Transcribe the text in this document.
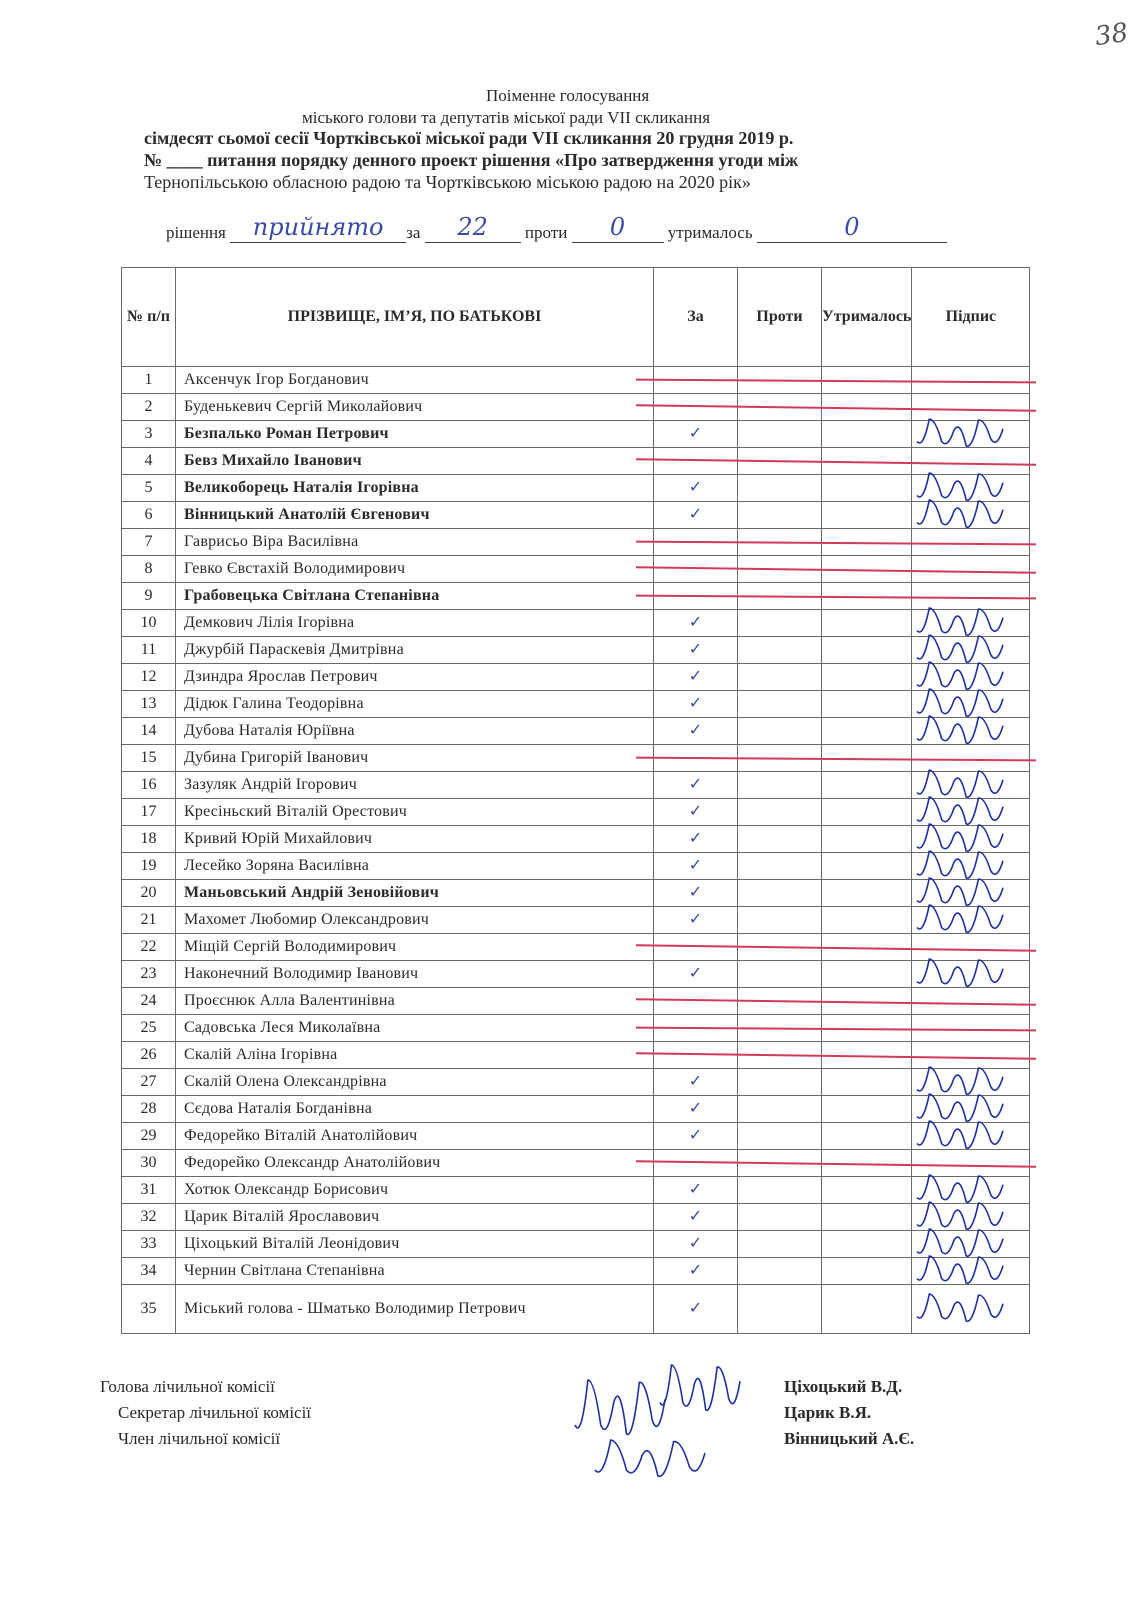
38
Поіменне голосування
міського голови та депутатів міської ради VII скликання
сімдесят сьомої сесії Чортківської міської ради VII скликання 20 грудня 2019 р.
№ ____ питання порядку денного проект рішення «Про затвердження угоди між
Тернопільською обласною радою та Чортківською міською радою на 2020 рік»
рішення	прийнято	за	22	проти	0	утрималось	0
№ п/п	ПРІЗВИЩЕ, ІМ’Я, ПО БАТЬКОВІ	За	Проти	Утрималось	Підпис
1	Аксенчук Ігор Богданович				
2	Буденькевич Сергій Миколайович				
3	Безпалько Роман Петрович	✓			
4	Бевз Михайло Іванович				
5	Великоборець Наталія Ігорівна	✓			
6	Вінницький Анатолій Євгенович	✓			
7	Гаврисьо Віра Василівна				
8	Гевко Євстахій Володимирович				
9	Грабовецька Світлана Степанівна				
10	Демкович Лілія Ігорівна	✓			
11	Джурбій Параскевія Дмитрівна	✓			
12	Дзиндра Ярослав Петрович	✓			
13	Дідюк Галина Теодорівна	✓			
14	Дубова Наталія Юріївна	✓			
15	Дубина Григорій Іванович				
16	Зазуляк Андрій Ігорович	✓			
17	Кресіньский Віталій Орестович	✓			
18	Кривий Юрій Михайлович	✓			
19	Лесейко Зоряна Василівна	✓			
20	Маньовський Андрій Зеновійович	✓			
21	Махомет Любомир Олександрович	✓			
22	Міщій Сергій Володимирович				
23	Наконечний Володимир Іванович	✓			
24	Проєснюк Алла Валентинівна				
25	Садовська Леся Миколаївна				
26	Скалій Аліна Ігорівна				
27	Скалій Олена Олександрівна	✓			
28	Сєдова Наталія Богданівна	✓			
29	Федорейко Віталій Анатолійович	✓			
30	Федорейко Олександр Анатолійович				
31	Хотюк Олександр Борисович	✓			
32	Царик Віталій Ярославович	✓			
33	Ціхоцький Віталій Леонідович	✓			
34	Чернин Світлана Степанівна	✓			
35	Міський голова - Шматько Володимир Петрович	✓			
Голова лічильної комісії
Секретар лічильної комісії
Член лічильної комісії
Ціхоцький В.Д.
Царик В.Я.
Вінницький А.Є.
